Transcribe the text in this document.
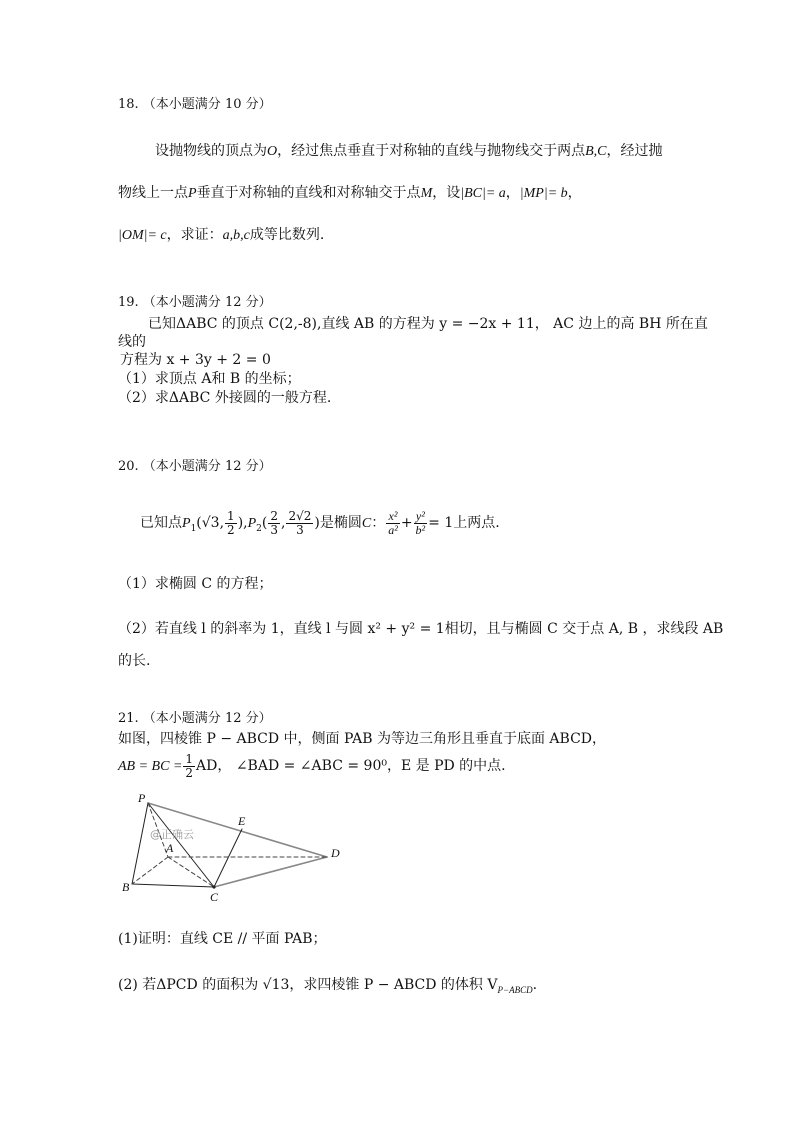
18. （本小题满分 10 分）
设抛物线的顶点为O，经过焦点垂直于对称轴的直线与抛物线交于两点B,C，经过抛
物线上一点P垂直于对称轴的直线和对称轴交于点M，设|BC|= a，|MP|= b，
|OM|= c，求证：a,b,c成等比数列.
19. （本小题满分 12 分）
已知ΔABC 的顶点 C(2,-8),直线 AB 的方程为 y = −2x + 11， AC 边上的高 BH 所在直
线的
方程为 x + 3y + 2 = 0
（1）求顶点 A和 B 的坐标；
（2）求ΔABC 外接圆的一般方程.
20. （本小题满分 12 分）
已知点$P_1(√3$, $\frac{1}{2} ),P_2( \frac{2}{3}$ , $\frac{2√2}{3}$ )是椭圆C： $\frac{\text{x²}}{\text{a²}} + \frac{\text{y²}}{\text{b²}} = 1$上两点.
（1）求椭圆 C 的方程；
（2）若直线 l 的斜率为 1，直线 l 与圆 x² + y² = 1相切，且与椭圆 C 交于点 A, B ，求线段 AB
的长.
21. （本小题满分 12 分）
如图，四棱锥 P − ABCD 中，侧面 PAB 为等边三角形且垂直于底面 ABCD，
AB = BC = $\frac{1}{2}$ AD， ∠BAD = ∠ABC = 90⁰，E 是 PD 的中点.
P
A
B
C
D
E
@正确云
(1)证明：直线 CE // 平面 PAB；
(2) 若ΔPCD 的面积为 √13，求四棱锥 P − ABCD 的体积 $V_{P-ABCD}$.
